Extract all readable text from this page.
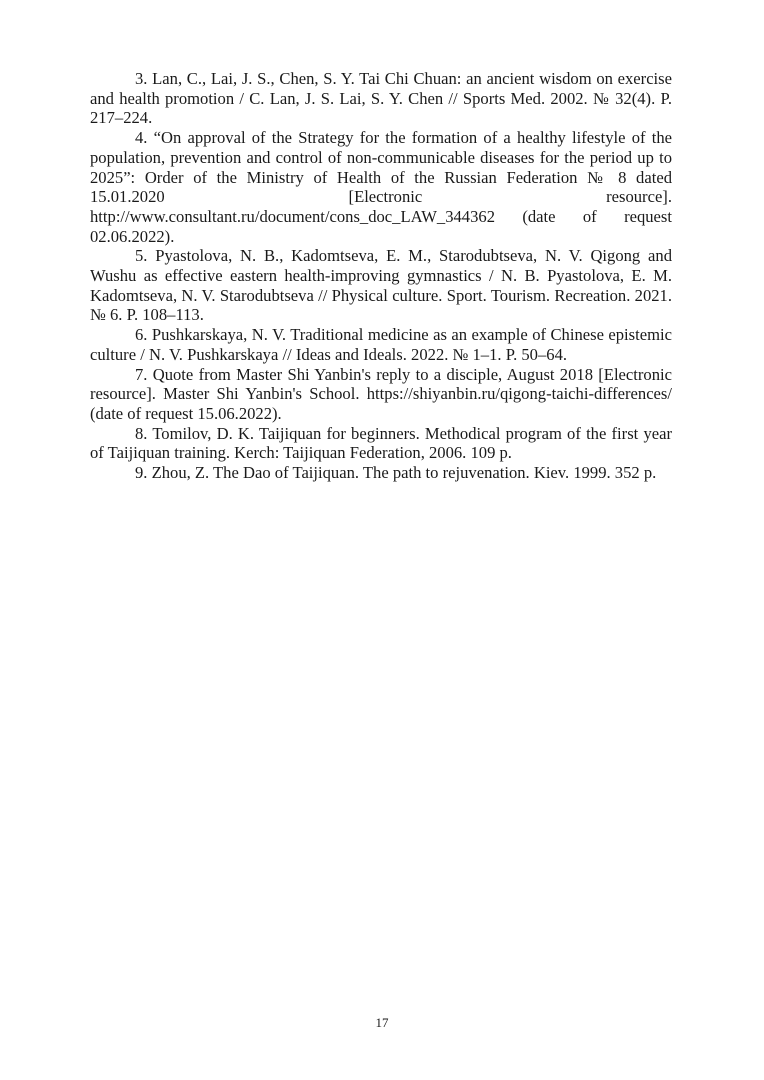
3. Lan, C., Lai, J. S., Chen, S. Y. Tai Chi Chuan: an ancient wisdom on exercise and health promotion / C. Lan, J. S. Lai, S. Y. Chen // Sports Med. 2002. № 32(4). P. 217–224.

4. “On approval of the Strategy for the formation of a healthy lifestyle of the population, prevention and control of non-communicable diseases for the period up to 2025”: Order of the Ministry of Health of the Russian Federation № 8 dated 15.01.2020 [Electronic resource]. http://www.consultant.ru/document/cons_doc_LAW_344362 (date of request 02.06.2022).

5. Pyastolova, N. B., Kadomtseva, E. M., Starodubtseva, N. V. Qigong and Wushu as effective eastern health-improving gymnastics / N. B. Pyastolova, E. M. Kadomtseva, N. V. Starodubtseva // Physical culture. Sport. Tourism. Recreation. 2021. № 6. P. 108–113.

6. Pushkarskaya, N. V. Traditional medicine as an example of Chinese epistemic culture / N. V. Pushkarskaya // Ideas and Ideals. 2022. № 1–1. P. 50–64.

7. Quote from Master Shi Yanbin's reply to a disciple, August 2018 [Electronic resource]. Master Shi Yanbin's School. https://shiyanbin.ru/qigong-taichi-differences/ (date of request 15.06.2022).

8. Tomilov, D. K. Taijiquan for beginners. Methodical program of the first year of Taijiquan training. Kerch: Taijiquan Federation, 2006. 109 p.

9. Zhou, Z. The Dao of Taijiquan. The path to rejuvenation. Kiev. 1999. 352 p.

17
